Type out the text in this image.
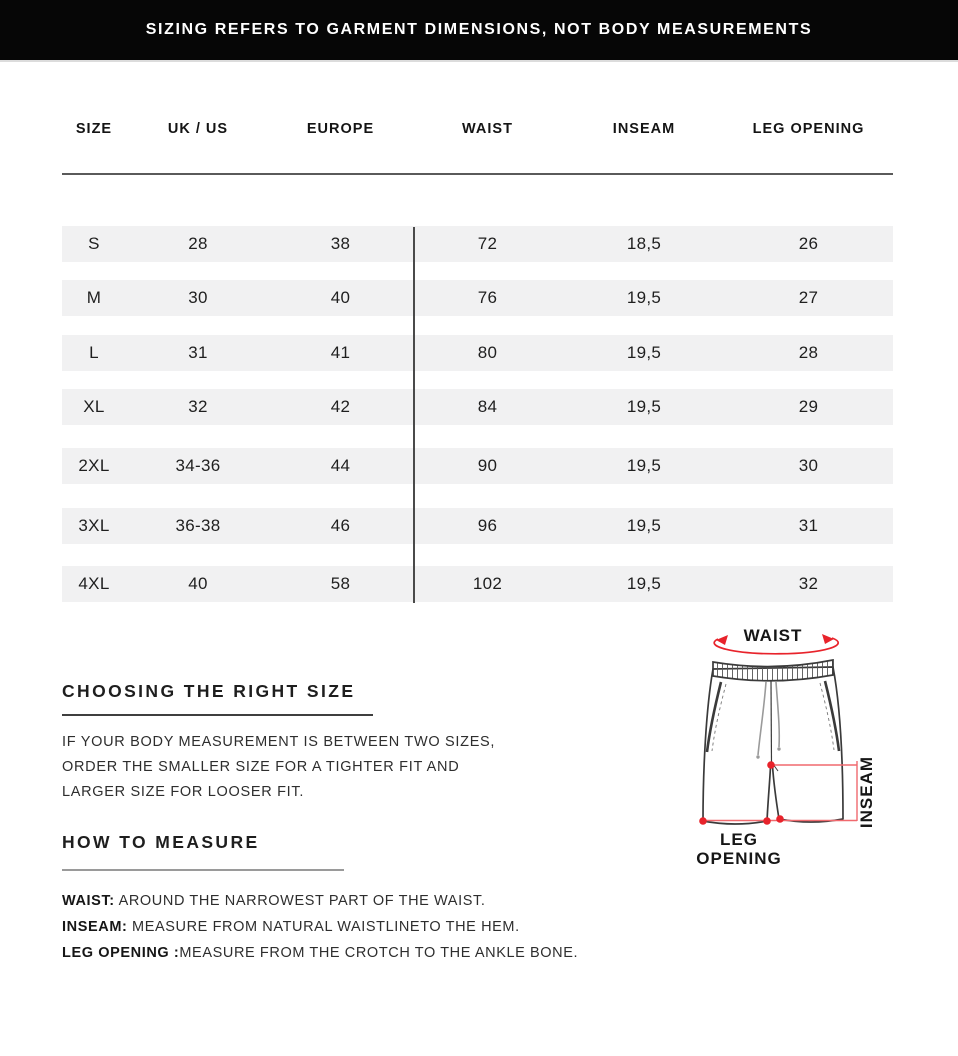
SIZING REFERS TO GARMENT DIMENSIONS, NOT BODY MEASUREMENTS
SIZE	UK / US	EUROPE	WAIST	INSEAM	LEG OPENING
S	28	38	72	18,5	26
M	30	40	76	19,5	27
L	31	41	80	19,5	28
XL	32	42	84	19,5	29
2XL	34-36	44	90	19,5	30
3XL	36-38	46	96	19,5	31
4XL	40	58	102	19,5	32
CHOOSING THE RIGHT SIZE
IF YOUR BODY MEASUREMENT IS BETWEEN TWO SIZES,
ORDER THE SMALLER SIZE FOR A TIGHTER FIT AND
LARGER SIZE FOR LOOSER FIT.
HOW TO MEASURE
WAIST: AROUND THE NARROWEST PART OF THE WAIST.
INSEAM: MEASURE FROM NATURAL WAISTLINETO THE HEM.
LEG OPENING :MEASURE FROM THE CROTCH TO THE ANKLE BONE.
WAIST
INSEAM
LEG
OPENING
